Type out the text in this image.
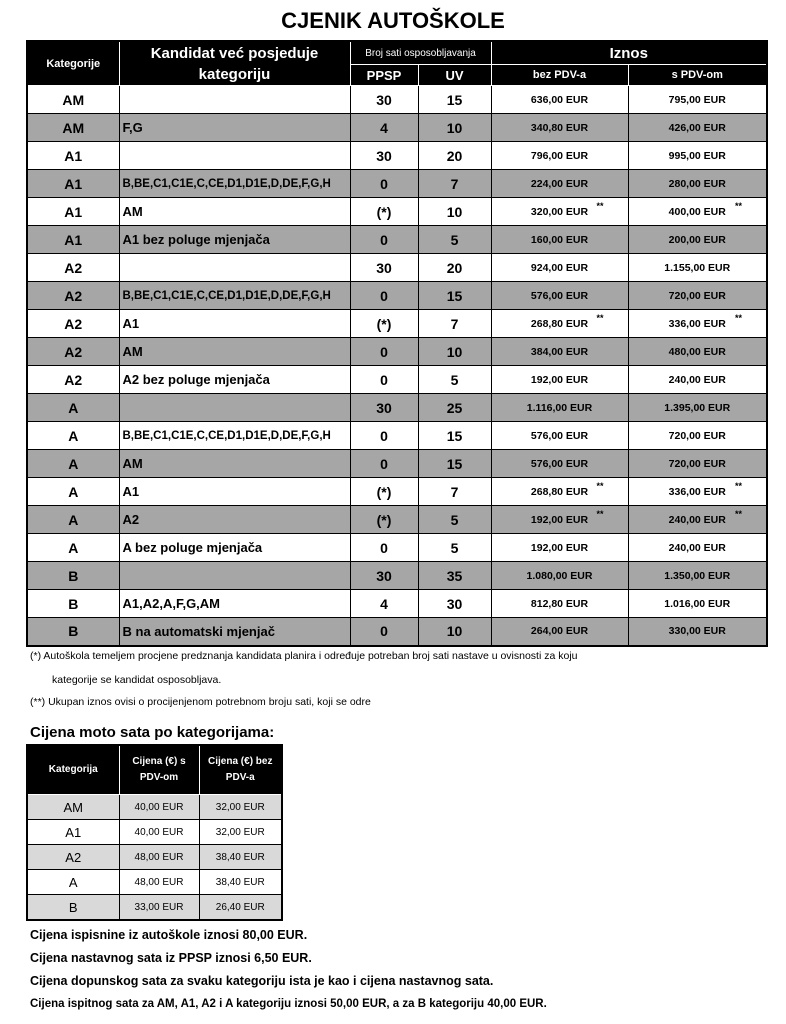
CJENIK AUTOŠKOLE
Kategorije	Kandidat već posjeduje kategoriju	Broj sati osposobljavanja		Iznos	
		PPSP	UV	bez PDV-a	s PDV-om
AM		30	15	636,00 EUR	795,00 EUR

AM	F,G	4	10	340,80 EUR	426,00 EUR

A1		30	20	796,00 EUR	995,00 EUR

A1	B,BE,C1,C1E,C,CE,D1,D1E,D,DE,F,G,H	0	7	224,00 EUR	280,00 EUR

A1	AM	(*)	10	320,00 EUR **	400,00 EUR **

A1	A1 bez poluge mjenjača	0	5	160,00 EUR	200,00 EUR

A2		30	20	924,00 EUR	1.155,00 EUR

A2	B,BE,C1,C1E,C,CE,D1,D1E,D,DE,F,G,H	0	15	576,00 EUR	720,00 EUR

A2	A1	(*)	7	268,80 EUR **	336,00 EUR **

A2	AM	0	10	384,00 EUR	480,00 EUR

A2	A2 bez poluge mjenjača	0	5	192,00 EUR	240,00 EUR

A		30	25	1.116,00 EUR	1.395,00 EUR

A	B,BE,C1,C1E,C,CE,D1,D1E,D,DE,F,G,H	0	15	576,00 EUR	720,00 EUR

A	AM	0	15	576,00 EUR	720,00 EUR

A	A1	(*)	7	268,80 EUR **	336,00 EUR **

A	A2	(*)	5	192,00 EUR **	240,00 EUR **

A	A bez poluge mjenjača	0	5	192,00 EUR	240,00 EUR

B		30	35	1.080,00 EUR	1.350,00 EUR

B	A1,A2,A,F,G,AM	4	30	812,80 EUR	1.016,00 EUR

B	B na automatski mjenjač	0	10	264,00 EUR	330,00 EUR
(*) Autoškola temeljem procjene predznanja kandidata planira i određuje potreban broj sati nastave u ovisnosti za koju
kategorije se kandidat osposobljava.
(**) Ukupan iznos ovisi o procijenjenom potrebnom broju sati, koji se odre
Cijena moto sata po kategorijama:
Kategorija	Cijena (€) s PDV-om	Cijena (€) bez PDV-a
AM	40,00 EUR	32,00 EUR
A1	40,00 EUR	32,00 EUR
A2	48,00 EUR	38,40 EUR
A	48,00 EUR	38,40 EUR
B	33,00 EUR	26,40 EUR
Cijena ispisnine iz autoškole iznosi 80,00 EUR.
Cijena nastavnog sata iz PPSP iznosi 6,50 EUR.
Cijena dopunskog sata za svaku kategoriju ista je kao i cijena nastavnog sata.
Cijena ispitnog sata za AM, A1, A2 i A kategoriju iznosi 50,00 EUR, a za B kategoriju 40,00 EUR.
